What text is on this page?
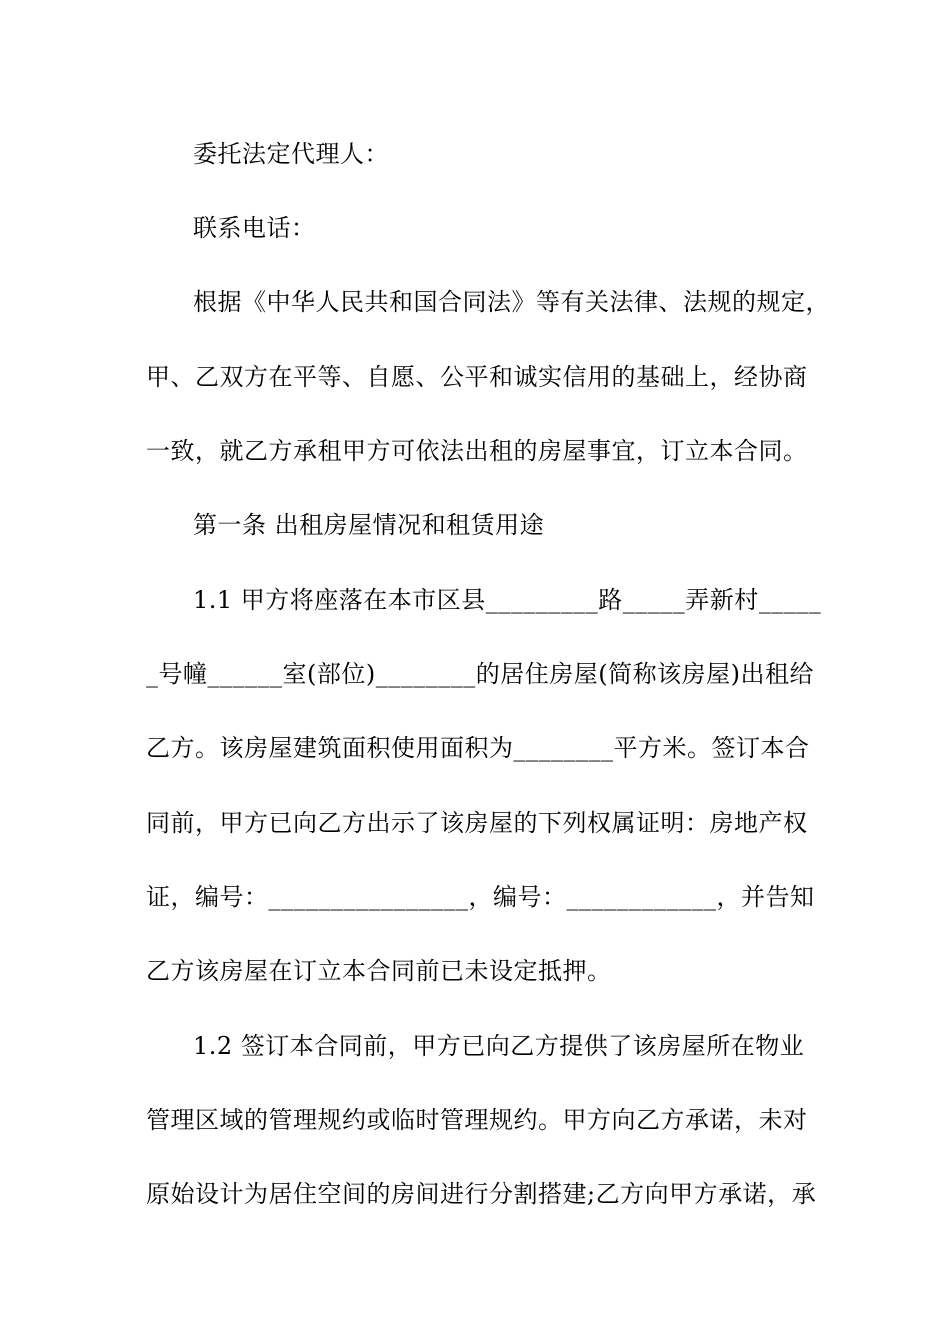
委托法定代理人：
联系电话：
根据《中华人民共和国合同法》等有关法律、法规的规定，
甲、乙双方在平等、自愿、公平和诚实信用的基础上，经协商
一致，就乙方承租甲方可依法出租的房屋事宜，订立本合同。
第一条 出租房屋情况和租赁用途
1.1 甲方将座落在本市区县_________路_____弄新村_____
_号幢______室(部位)________的居住房屋(简称该房屋)出租给
乙方。该房屋建筑面积使用面积为________平方米。签订本合
同前，甲方已向乙方出示了该房屋的下列权属证明：房地产权
证，编号：________________，编号：____________，并告知
乙方该房屋在订立本合同前已未设定抵押。
1.2 签订本合同前，甲方已向乙方提供了该房屋所在物业
管理区域的管理规约或临时管理规约。甲方向乙方承诺，未对
原始设计为居住空间的房间进行分割搭建;乙方向甲方承诺，承
